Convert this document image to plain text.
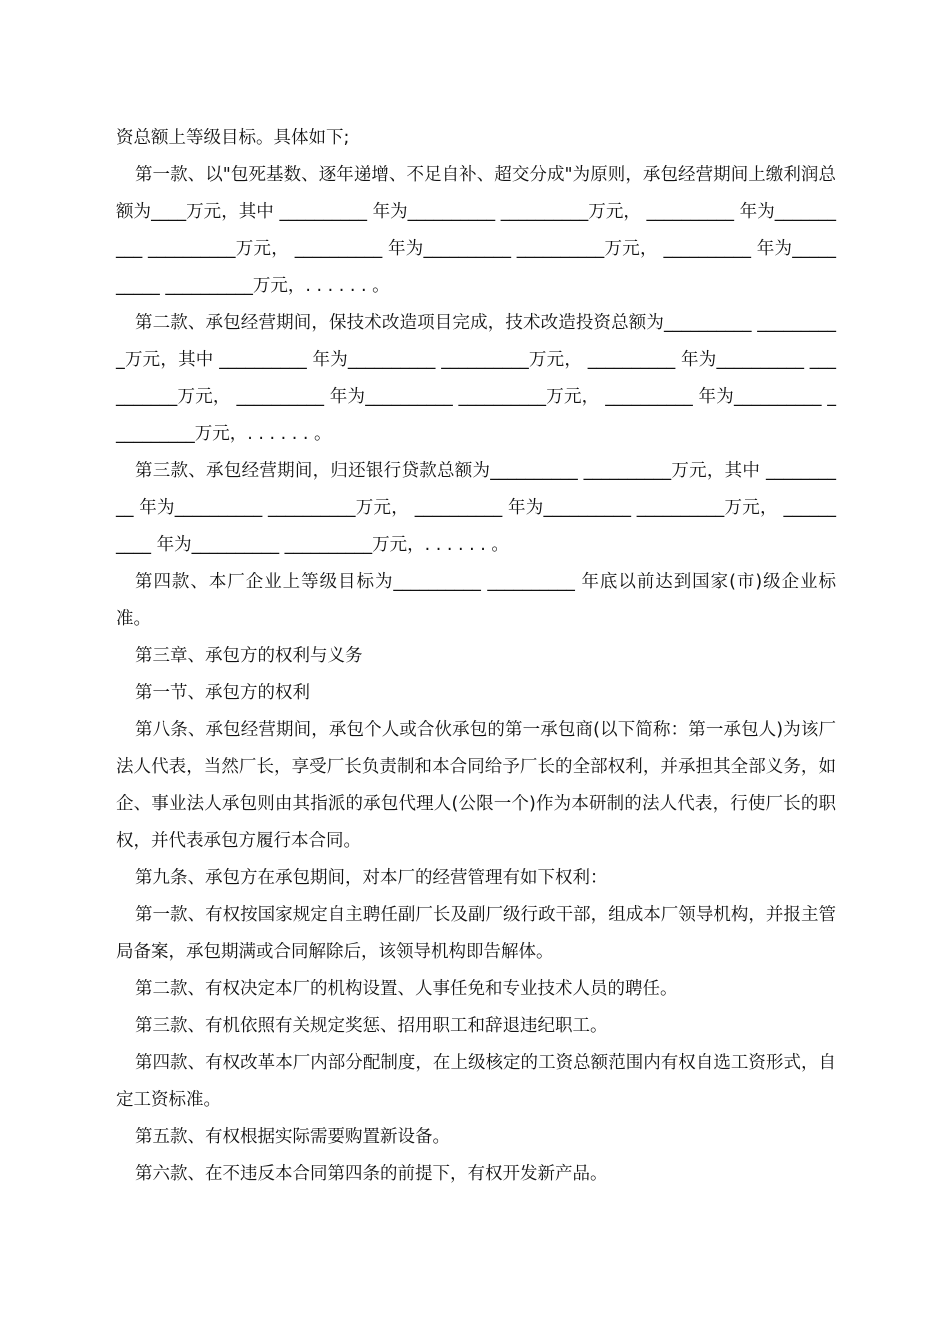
资总额上等级目标。具体如下;

第一款、以"包死基数、逐年递增、不足自补、超交分成"为原则，承包经营期间上缴利润总额为____万元，其中 __________ 年为__________ __________万元， __________ 年为__________ __________万元， __________ 年为__________ __________万元， __________ 年为__________ __________万元，. . . . . . 。

第二款、承包经营期间，保技术改造项目完成，技术改造投资总额为__________ __________万元，其中 __________ 年为__________ __________万元， __________ 年为__________ __________万元， __________ 年为__________ __________万元， __________ 年为__________ __________万元，. . . . . . 。

第三款、承包经营期间，归还银行贷款总额为__________ __________万元，其中 __________ 年为__________ __________万元， __________ 年为__________ __________万元， __________ 年为__________ __________万元，. . . . . . 。

第四款、本厂企业上等级目标为__________ __________ 年底以前达到国家(市)级企业标准。

第三章、承包方的权利与义务

第一节、承包方的权利

第八条、承包经营期间，承包个人或合伙承包的第一承包商(以下简称：第一承包人)为该厂法人代表，当然厂长，享受厂长负责制和本合同给予厂长的全部权利，并承担其全部义务，如企、事业法人承包则由其指派的承包代理人(公限一个)作为本研制的法人代表，行使厂长的职权，并代表承包方履行本合同。

第九条、承包方在承包期间，对本厂的经营管理有如下权利：

第一款、有权按国家规定自主聘任副厂长及副厂级行政干部，组成本厂领导机构，并报主管局备案，承包期满或合同解除后，该领导机构即告解体。

第二款、有权决定本厂的机构设置、人事任免和专业技术人员的聘任。

第三款、有机依照有关规定奖惩、招用职工和辞退违纪职工。

第四款、有权改革本厂内部分配制度，在上级核定的工资总额范围内有权自选工资形式，自定工资标准。

第五款、有权根据实际需要购置新设备。

第六款、在不违反本合同第四条的前提下，有权开发新产品。
